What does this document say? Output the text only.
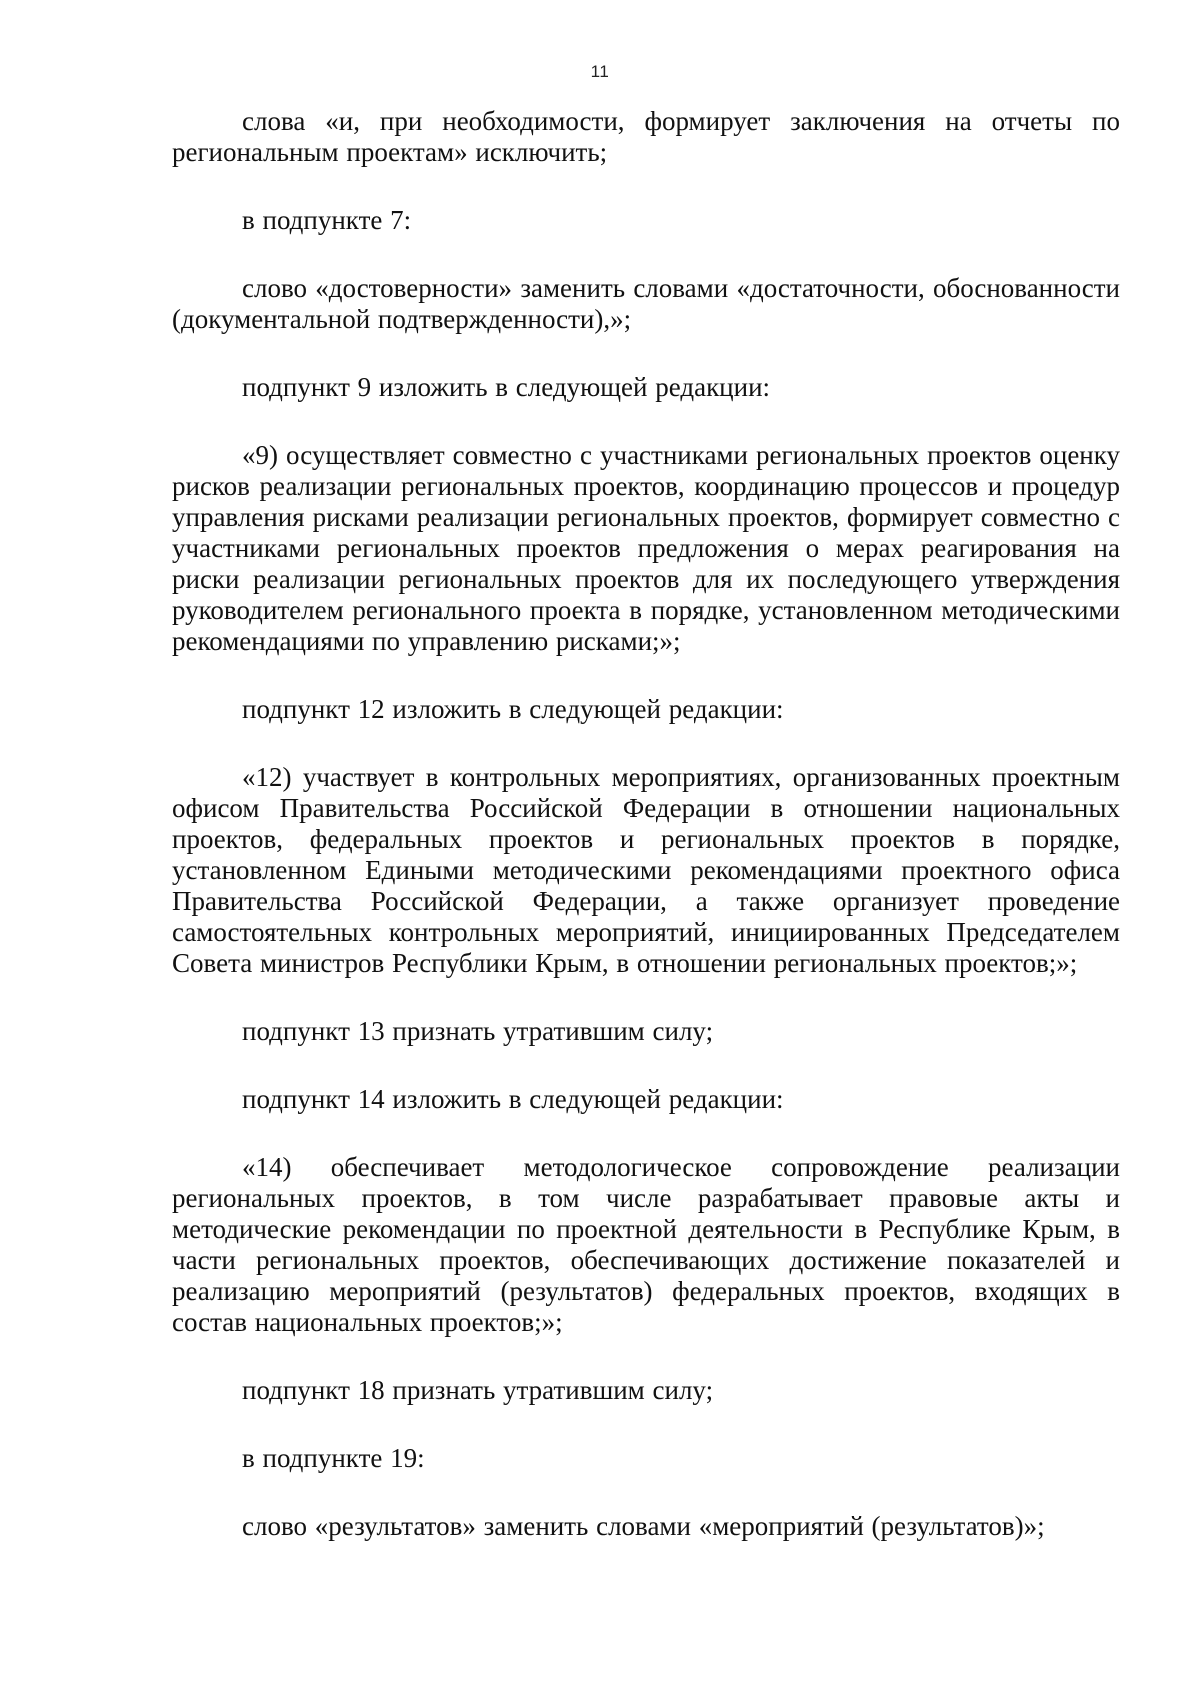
11

слова «и, при необходимости, формирует заключения на отчеты по региональным проектам» исключить;

в подпункте 7:

слово «достоверности» заменить словами «достаточности, обоснованности (документальной подтвержденности),»;

подпункт 9 изложить в следующей редакции:

«9) осуществляет совместно с участниками региональных проектов оценку рисков реализации региональных проектов, координацию процессов и процедур управления рисками реализации региональных проектов, формирует совместно с участниками региональных проектов предложения о мерах реагирования на риски реализации региональных проектов для их последующего утверждения руководителем регионального проекта в порядке, установленном методическими рекомендациями по управлению рисками;»;

подпункт 12 изложить в следующей редакции:

«12) участвует в контрольных мероприятиях, организованных проектным офисом Правительства Российской Федерации в отношении национальных проектов, федеральных проектов и региональных проектов в порядке, установленном Едиными методическими рекомендациями проектного офиса Правительства Российской Федерации, а также организует проведение самостоятельных контрольных мероприятий, инициированных Председателем Совета министров Республики Крым, в отношении региональных проектов;»;

подпункт 13 признать утратившим силу;

подпункт 14 изложить в следующей редакции:

«14) обеспечивает методологическое сопровождение реализации региональных проектов, в том числе разрабатывает правовые акты и методические рекомендации по проектной деятельности в Республике Крым, в части региональных проектов, обеспечивающих достижение показателей и реализацию мероприятий (результатов) федеральных проектов, входящих в состав национальных проектов;»;

подпункт 18 признать утратившим силу;

в подпункте 19:

слово «результатов» заменить словами «мероприятий (результатов)»;
